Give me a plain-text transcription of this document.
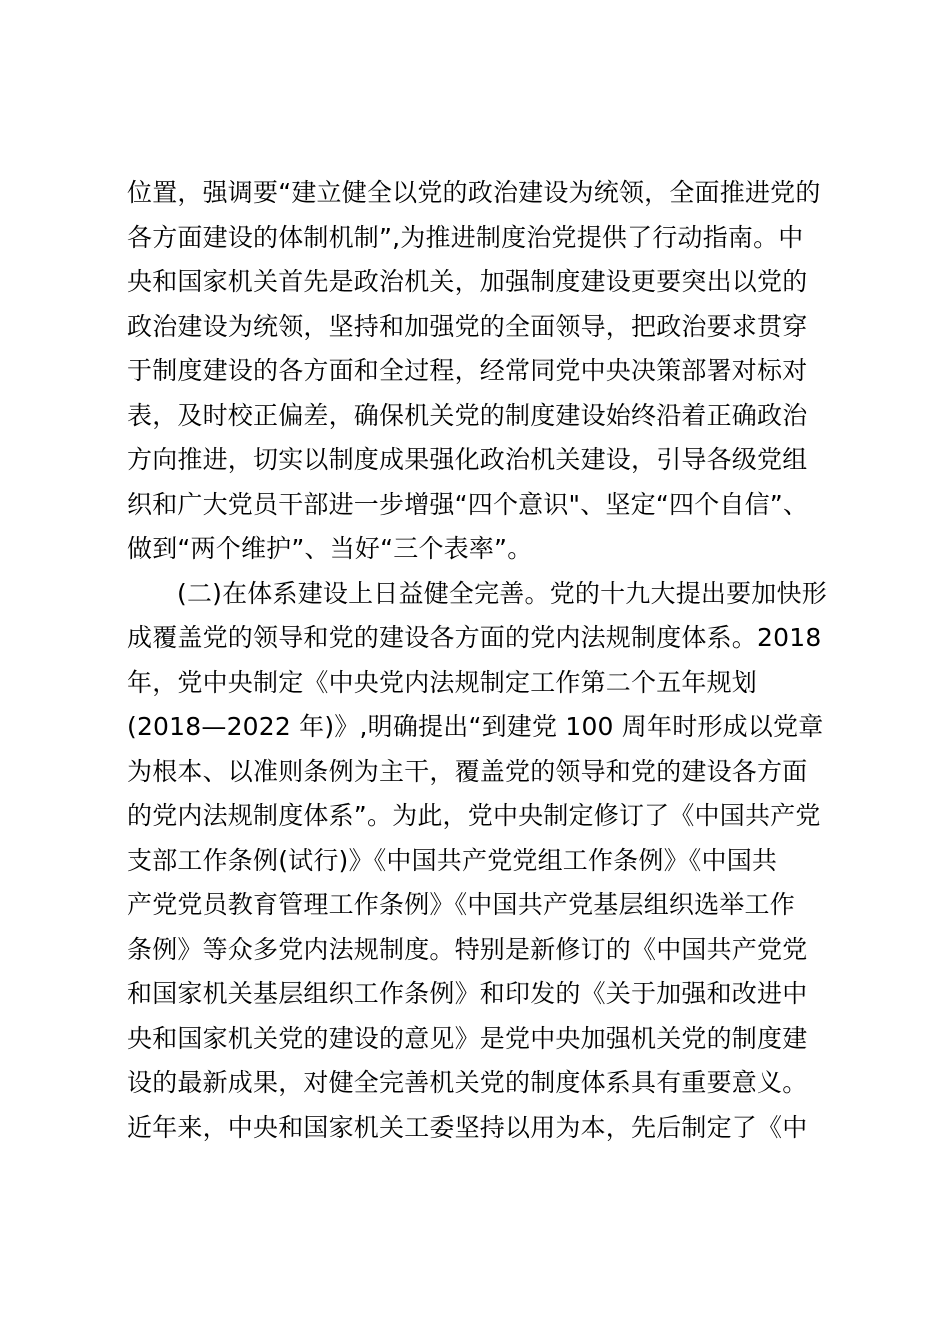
位置，强调要“建立健全以党的政治建设为统领，全面推进党的
各方面建设的体制机制”,为推进制度治党提供了行动指南。中
央和国家机关首先是政治机关，加强制度建设更要突出以党的
政治建设为统领，坚持和加强党的全面领导，把政治要求贯穿
于制度建设的各方面和全过程，经常同党中央决策部署对标对
表，及时校正偏差，确保机关党的制度建设始终沿着正确政治
方向推进，切实以制度成果强化政治机关建设，引导各级党组
织和广大党员干部进一步增强“四个意识"、坚定“四个自信”、
做到“两个维护”、当好“三个表率”。
(二)在体系建设上日益健全完善。党的十九大提出要加快形
成覆盖党的领导和党的建设各方面的党内法规制度体系。2018
年，党中央制定《中央党内法规制定工作第二个五年规划
(2018—2022 年)》,明确提出“到建党 100 周年时形成以党章
为根本、以准则条例为主干，覆盖党的领导和党的建设各方面
的党内法规制度体系”。为此，党中央制定修订了《中国共产党
支部工作条例(试行)》《中国共产党党组工作条例》《中国共
产党党员教育管理工作条例》《中国共产党基层组织选举工作
条例》等众多党内法规制度。特别是新修订的《中国共产党党
和国家机关基层组织工作条例》和印发的《关于加强和改进中
央和国家机关党的建设的意见》是党中央加强机关党的制度建
设的最新成果，对健全完善机关党的制度体系具有重要意义。
近年来，中央和国家机关工委坚持以用为本，先后制定了《中
